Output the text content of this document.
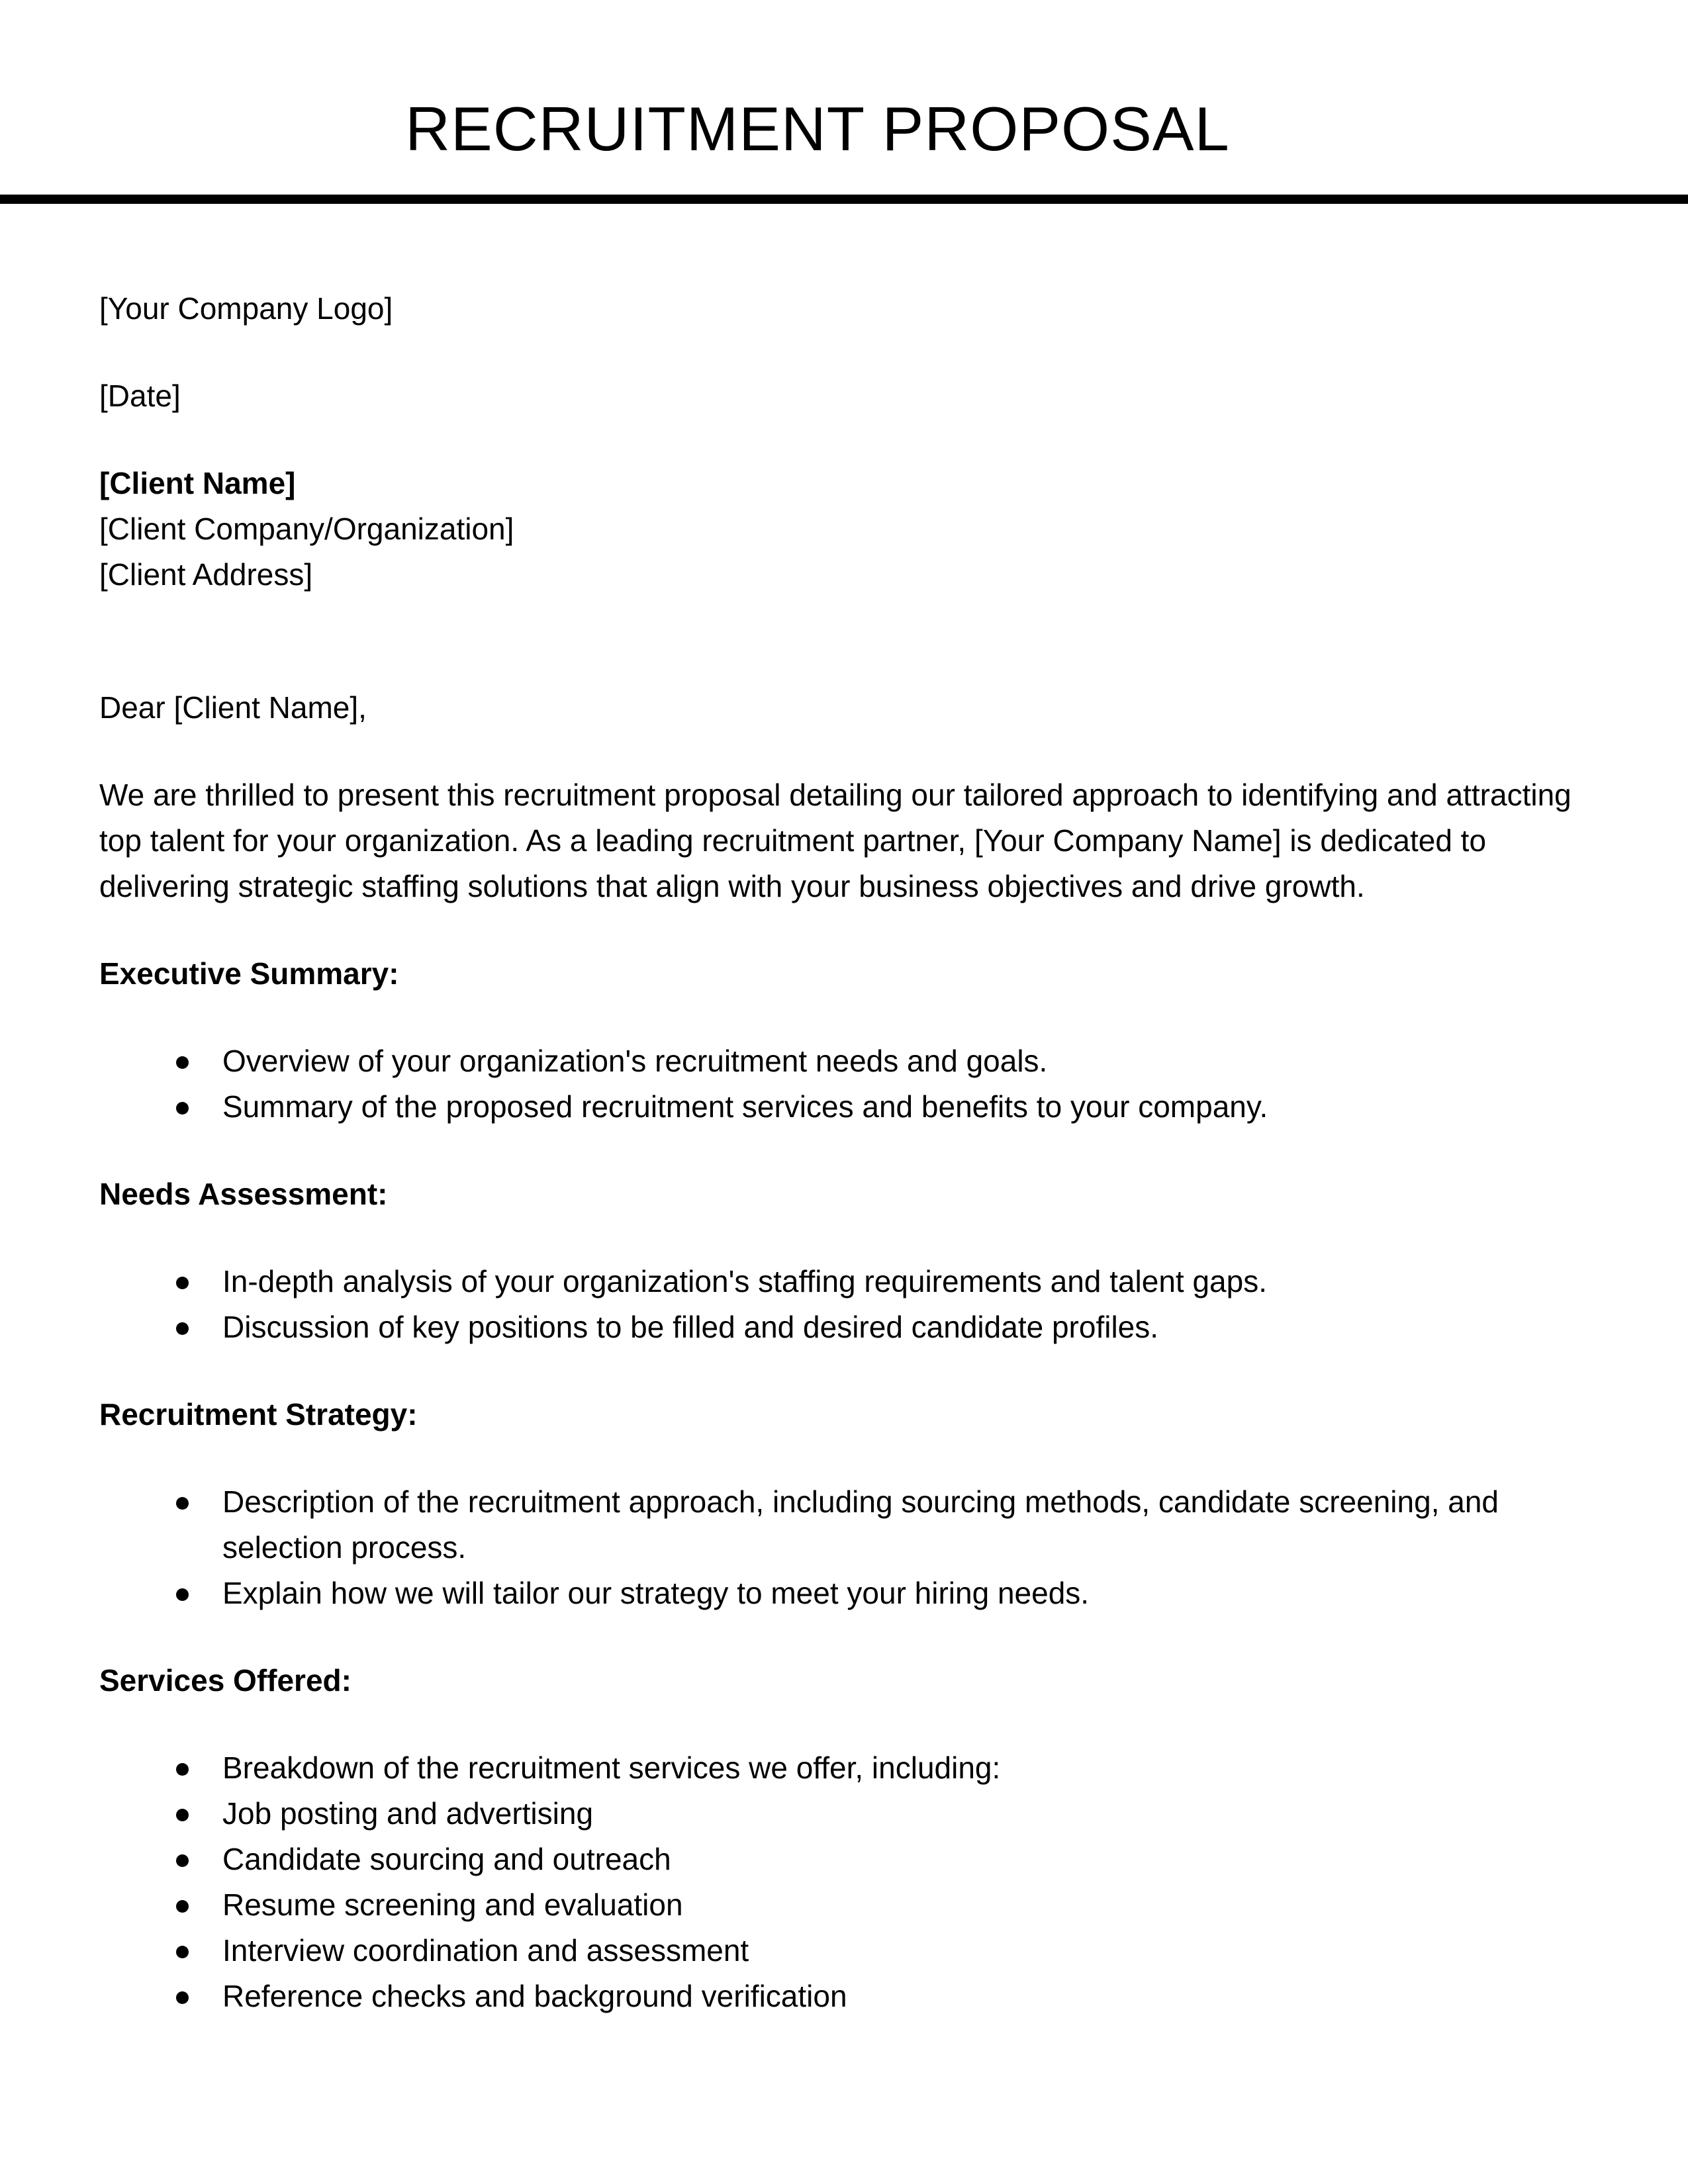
RECRUITMENT PROPOSAL

[Your Company Logo]

[Date]

[Client Name]

[Client Company/Organization]

[Client Address]

Dear [Client Name],

We are thrilled to present this recruitment proposal detailing our tailored approach to identifying and attracting top talent for your organization. As a leading recruitment partner, [Your Company Name] is dedicated to delivering strategic staffing solutions that align with your business objectives and drive growth.

Executive Summary:

Overview of your organization's recruitment needs and goals.
Summary of the proposed recruitment services and benefits to your company.

Needs Assessment:

In-depth analysis of your organization's staffing requirements and talent gaps.
Discussion of key positions to be filled and desired candidate profiles.

Recruitment Strategy:

Description of the recruitment approach, including sourcing methods, candidate screening, and selection process.
Explain how we will tailor our strategy to meet your hiring needs.

Services Offered:

Breakdown of the recruitment services we offer, including:
Job posting and advertising
Candidate sourcing and outreach
Resume screening and evaluation
Interview coordination and assessment
Reference checks and background verification
